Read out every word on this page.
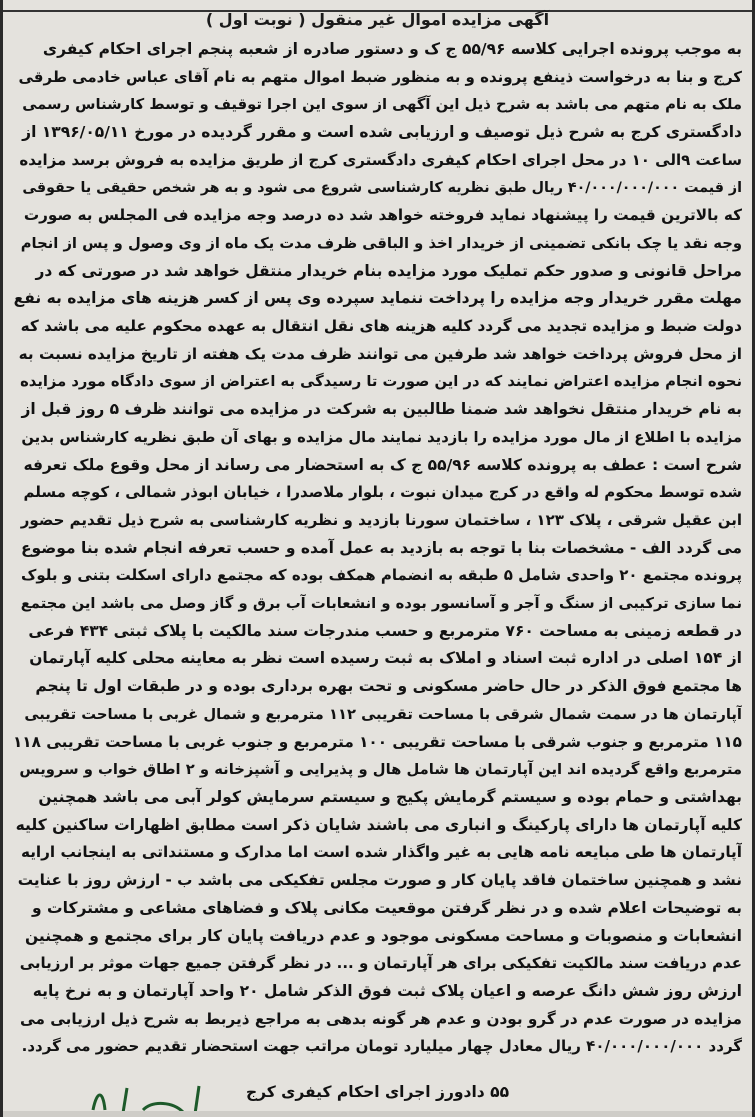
آگهی مزایده اموال غیر منقول ( نوبت اول )
به موجب پرونده اجرایی کلاسه ۵۵/۹۶ ج ک و دستور صادره از شعبه پنجم اجرای احکام کیفری
کرج و بنا به درخواست ذینفع پرونده و به منظور ضبط اموال متهم به نام آقای عباس خادمی طرقی
ملک به نام متهم می باشد به شرح ذیل این آگهی از سوی این اجرا توقیف و توسط کارشناس رسمی
دادگستری کرج به شرح ذیل توصیف و ارزیابی شده است و مقرر گردیده در مورخ ۱۳۹۶/۰۵/۱۱ از
ساعت ۹الی ۱۰ در محل اجرای احکام کیفری دادگستری کرج از طریق مزایده به فروش برسد مزایده
از قیمت ۴۰/۰۰۰/۰۰۰/۰۰۰ ریال طبق نظریه کارشناسی شروع می شود و به هر شخص حقیقی یا حقوقی
که بالاترین قیمت را پیشنهاد نماید فروخته خواهد شد ده درصد وجه مزایده فی المجلس به صورت
وجه نقد یا چک بانکی تضمینی از خریدار اخذ و الباقی ظرف مدت یک ماه از وی وصول و پس از انجام
مراحل قانونی و صدور حکم تملیک مورد مزایده بنام خریدار منتقل خواهد شد در صورتی که در
مهلت مقرر خریدار وجه مزایده را پرداخت ننماید سپرده وی پس از کسر هزینه های مزایده به نفع
دولت ضبط و مزایده تجدید می گردد کلیه هزینه های نقل انتقال به عهده محکوم علیه می باشد که
از محل فروش پرداخت خواهد شد طرفین می توانند ظرف مدت یک هفته از تاریخ مزایده نسبت به
نحوه انجام مزایده اعتراض نمایند که در این صورت تا رسیدگی به اعتراض از سوی دادگاه مورد مزایده
به نام خریدار منتقل نخواهد شد ضمنا طالبین به شرکت در مزایده می توانند ظرف ۵ روز قبل از
مزایده با اطلاع از مال مورد مزایده را بازدید نمایند مال مزایده و بهای آن طبق نظریه کارشناس بدین
شرح است : عطف به پرونده کلاسه ۵۵/۹۶ ج ک به استحضار می رساند از محل وقوع ملک تعرفه
شده توسط محکوم له واقع در کرج میدان نبوت ، بلوار ملاصدرا ، خیابان ابوذر شمالی ، کوچه مسلم
ابن عقیل شرقی ، پلاک ۱۲۳ ، ساختمان سورنا بازدید و نظریه کارشناسی به شرح ذیل تقدیم حضور
می گردد الف - مشخصات بنا با توجه به بازدید به عمل آمده و حسب تعرفه انجام شده بنا موضوع
پرونده مجتمع ۲۰ واحدی شامل ۵ طبقه به انضمام همکف بوده که مجتمع دارای اسکلت بتنی و بلوک
نما سازی ترکیبی از سنگ و آجر و آسانسور بوده و انشعابات آب برق و گاز وصل می باشد این مجتمع
در قطعه زمینی به مساحت ۷۶۰ مترمربع و حسب مندرجات سند مالکیت با پلاک ثبتی ۴۳۴ فرعی
از ۱۵۴ اصلی در اداره ثبت اسناد و املاک به ثبت رسیده است نظر به معاینه محلی کلیه آپارتمان
ها مجتمع فوق الذکر در حال حاضر مسکونی و تحت بهره برداری بوده و در طبقات اول تا پنجم
آپارتمان ها در سمت شمال شرقی با مساحت تقریبی ۱۱۲ مترمربع و شمال غربی با مساحت تقریبی
۱۱۵ مترمربع و جنوب شرقی با مساحت تقریبی ۱۰۰ مترمربع و جنوب غربی با مساحت تقریبی ۱۱۸
مترمربع واقع گردیده اند این آپارتمان ها شامل هال و پذیرایی و آشپزخانه و ۲ اطاق خواب و سرویس
بهداشتی و حمام بوده و سیستم گرمایش پکیج و سیستم سرمایش کولر آبی می باشد همچنین
کلیه آپارتمان ها دارای پارکینگ و انباری می باشند شایان ذکر است مطابق اظهارات ساکنین کلیه
آپارتمان ها طی مبایعه نامه هایی به غیر واگذار شده است اما مدارک و مستنداتی به اینجانب ارایه
نشد و همچنین ساختمان فاقد پایان کار و صورت مجلس تفکیکی می باشد ب - ارزش روز با عنایت
به توضیحات اعلام شده و در نظر گرفتن موقعیت مکانی پلاک و فضاهای مشاعی و مشترکات و
انشعابات و منصوبات و مساحت مسکونی موجود و عدم دریافت پایان کار برای مجتمع و همچنین
عدم دریافت سند مالکیت تفکیکی برای هر آپارتمان و ... در نظر گرفتن جمیع جهات موثر بر ارزیابی
ارزش روز شش دانگ عرصه و اعیان پلاک ثبت فوق الذکر شامل ۲۰ واحد آپارتمان و به نرخ پایه
مزایده در صورت عدم در گرو بودن و عدم هر گونه بدهی به مراجع ذیربط به شرح ذیل ارزیابی می
گردد ۴۰/۰۰۰/۰۰۰/۰۰۰ ریال معادل چهار میلیارد تومان مراتب جهت استحضار تقدیم حضور می گردد.
۵۵ دادورز اجرای احکام کیفری کرج
